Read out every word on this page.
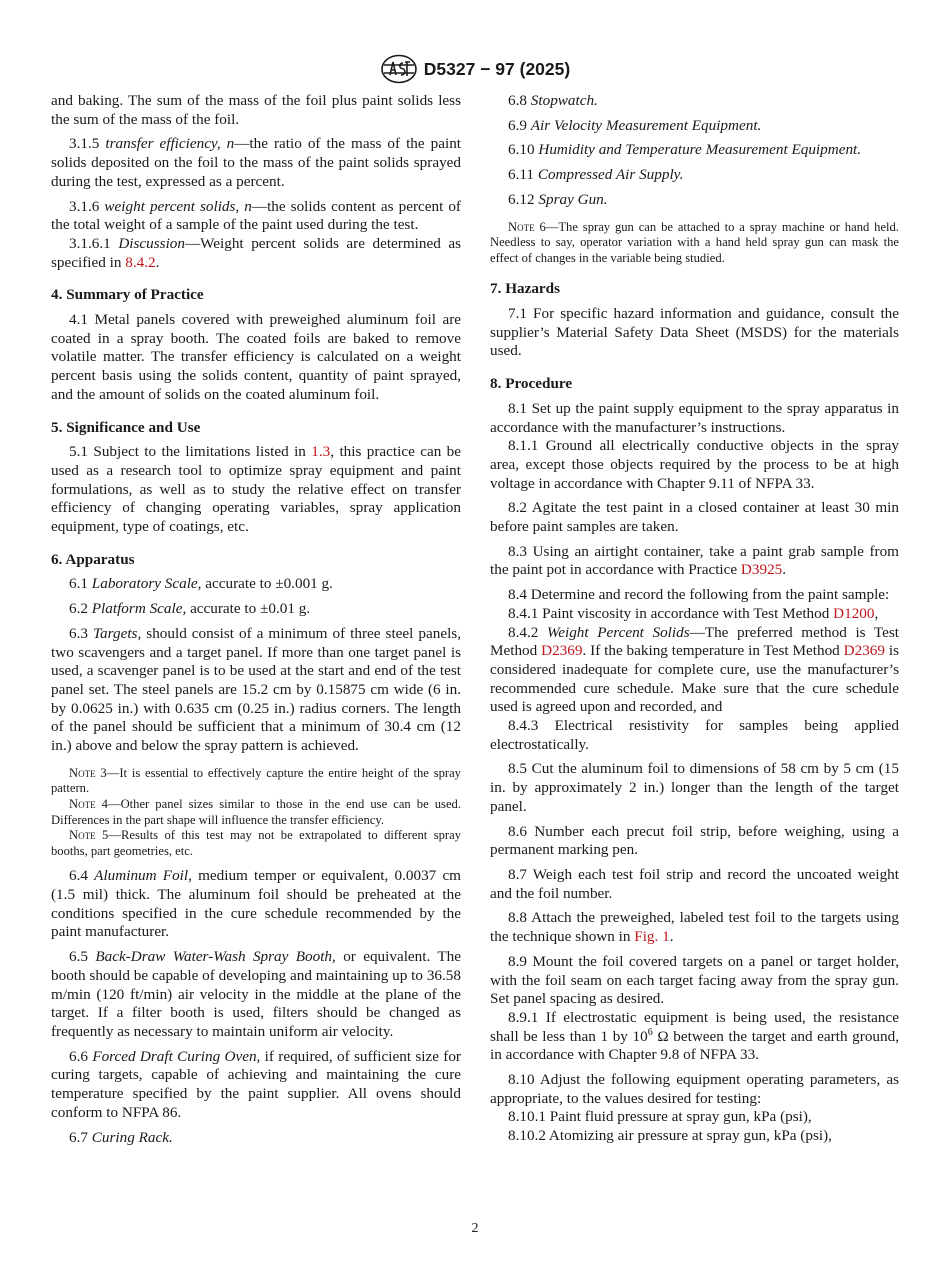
D5327 − 97 (2025)

and baking. The sum of the mass of the foil plus paint solids less the sum of the mass of the foil.

3.1.5 transfer efficiency, n—the ratio of the mass of the paint solids deposited on the foil to the mass of the paint solids sprayed during the test, expressed as a percent.

3.1.6 weight percent solids, n—the solids content as percent of the total weight of a sample of the paint used during the test.

3.1.6.1 Discussion—Weight percent solids are determined as specified in 8.4.2.

4. Summary of Practice

4.1 Metal panels covered with preweighed aluminum foil are coated in a spray booth. The coated foils are baked to remove volatile matter. The transfer efficiency is calculated on a weight percent basis using the solids content, quantity of paint sprayed, and the amount of solids on the coated aluminum foil.

5. Significance and Use

5.1 Subject to the limitations listed in 1.3, this practice can be used as a research tool to optimize spray equipment and paint formulations, as well as to study the relative effect on transfer efficiency of changing operating variables, spray application equipment, type of coatings, etc.

6. Apparatus

6.1 Laboratory Scale, accurate to ±0.001 g.

6.2 Platform Scale, accurate to ±0.01 g.

6.3 Targets, should consist of a minimum of three steel panels, two scavengers and a target panel. If more than one target panel is used, a scavenger panel is to be used at the start and end of the test panel set. The steel panels are 15.2 cm by 0.15875 cm wide (6 in. by 0.0625 in.) with 0.635 cm (0.25 in.) radius corners. The length of the panel should be sufficient that a minimum of 30.4 cm (12 in.) above and below the spray pattern is achieved.

Note 3—It is essential to effectively capture the entire height of the spray pattern.

Note 4—Other panel sizes similar to those in the end use can be used. Differences in the part shape will influence the transfer efficiency.

Note 5—Results of this test may not be extrapolated to different spray booths, part geometries, etc.

6.4 Aluminum Foil, medium temper or equivalent, 0.0037 cm (1.5 mil) thick. The aluminum foil should be preheated at the conditions specified in the cure schedule recommended by the paint manufacturer.

6.5 Back-Draw Water-Wash Spray Booth, or equivalent. The booth should be capable of developing and maintaining up to 36.58 m/min (120 ft/min) air velocity in the middle at the plane of the target. If a filter booth is used, filters should be changed as frequently as necessary to maintain uniform air velocity.

6.6 Forced Draft Curing Oven, if required, of sufficient size for curing targets, capable of achieving and maintaining the cure temperature specified by the paint supplier. All ovens should conform to NFPA 86.

6.7 Curing Rack.

6.8 Stopwatch.

6.9 Air Velocity Measurement Equipment.

6.10 Humidity and Temperature Measurement Equipment.

6.11 Compressed Air Supply.

6.12 Spray Gun.

Note 6—The spray gun can be attached to a spray machine or hand held. Needless to say, operator variation with a hand held spray gun can mask the effect of changes in the variable being studied.

7. Hazards

7.1 For specific hazard information and guidance, consult the supplier’s Material Safety Data Sheet (MSDS) for the materials used.

8. Procedure

8.1 Set up the paint supply equipment to the spray apparatus in accordance with the manufacturer’s instructions.

8.1.1 Ground all electrically conductive objects in the spray area, except those objects required by the process to be at high voltage in accordance with Chapter 9.11 of NFPA 33.

8.2 Agitate the test paint in a closed container at least 30 min before paint samples are taken.

8.3 Using an airtight container, take a paint grab sample from the paint pot in accordance with Practice D3925.

8.4 Determine and record the following from the paint sample:

8.4.1 Paint viscosity in accordance with Test Method D1200,

8.4.2 Weight Percent Solids—The preferred method is Test Method D2369. If the baking temperature in Test Method D2369 is considered inadequate for complete cure, use the manufacturer’s recommended cure schedule. Make sure that the cure schedule used is agreed upon and recorded, and

8.4.3 Electrical resistivity for samples being applied electrostatically.

8.5 Cut the aluminum foil to dimensions of 58 cm by 5 cm (15 in. by approximately 2 in.) longer than the length of the target panel.

8.6 Number each precut foil strip, before weighing, using a permanent marking pen.

8.7 Weigh each test foil strip and record the uncoated weight and the foil number.

8.8 Attach the preweighed, labeled test foil to the targets using the technique shown in Fig. 1.

8.9 Mount the foil covered targets on a panel or target holder, with the foil seam on each target facing away from the spray gun. Set panel spacing as desired.

8.9.1 If electrostatic equipment is being used, the resistance shall be less than 1 by $10^6$ Ω between the target and earth ground, in accordance with Chapter 9.8 of NFPA 33.

8.10 Adjust the following equipment operating parameters, as appropriate, to the values desired for testing:

8.10.1 Paint fluid pressure at spray gun, kPa (psi),

8.10.2 Atomizing air pressure at spray gun, kPa (psi),

2
